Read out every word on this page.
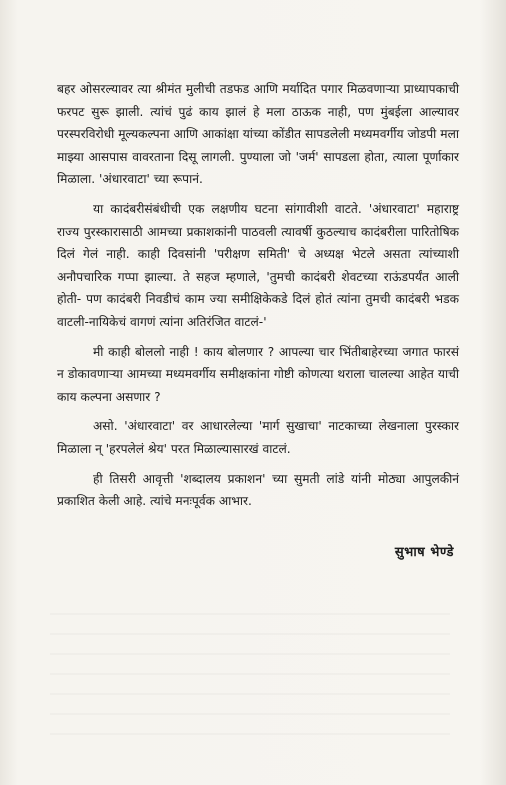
बहर ओसरल्यावर त्या श्रीमंत मुलीची तडफड आणि मर्यादित पगार मिळवणाऱ्या प्राध्यापकाची फरपट सुरू झाली. त्यांचं पुढं काय झालं हे मला ठाऊक नाही, पण मुंबईला आल्यावर परस्परविरोधी मूल्यकल्पना आणि आकांक्षा यांच्या कोंडीत सापडलेली मध्यमवर्गीय जोडपी मला माझ्या आसपास वावरताना दिसू लागली. पुण्याला जो 'जर्म' सापडला होता, त्याला पूर्णाकार मिळाला. 'अंधारवाटा' च्या रूपानं.

या कादंबरीसंबंधीची एक लक्षणीय घटना सांगावीशी वाटते. 'अंधारवाटा' महाराष्ट्र राज्य पुरस्कारासाठी आमच्या प्रकाशकांनी पाठवली त्यावर्षी कुठल्याच कादंबरीला पारितोषिक दिलं गेलं नाही. काही दिवसांनी 'परीक्षण समिती' चे अध्यक्ष भेटले असता त्यांच्याशी अनौपचारिक गप्पा झाल्या. ते सहज म्हणाले, 'तुमची कादंबरी शेवटच्या राऊंडपर्यंत आली होती- पण कादंबरी निवडीचं काम ज्या समीक्षिकेकडे दिलं होतं त्यांना तुमची कादंबरी भडक वाटली-नायिकेचं वागणं त्यांना अतिरंजित वाटलं-'

मी काही बोललो नाही ! काय बोलणार ? आपल्या चार भिंतीबाहेरच्या जगात फारसं न डोकावणाऱ्या आमच्या मध्यमवर्गीय समीक्षकांना गोष्टी कोणत्या थराला चालल्या आहेत याची काय कल्पना असणार ?

असो. 'अंधारवाटा' वर आधारलेल्या 'मार्ग सुखाचा' नाटकाच्या लेखनाला पुरस्कार मिळाला न् 'हरपलेलं श्रेय' परत मिळाल्यासारखं वाटलं.

ही तिसरी आवृत्ती 'शब्दालय प्रकाशन' च्या सुमती लांडे यांनी मोठ्या आपुलकीनं प्रकाशित केली आहे. त्यांचे मनःपूर्वक आभार.

सुभाष भेण्डे
